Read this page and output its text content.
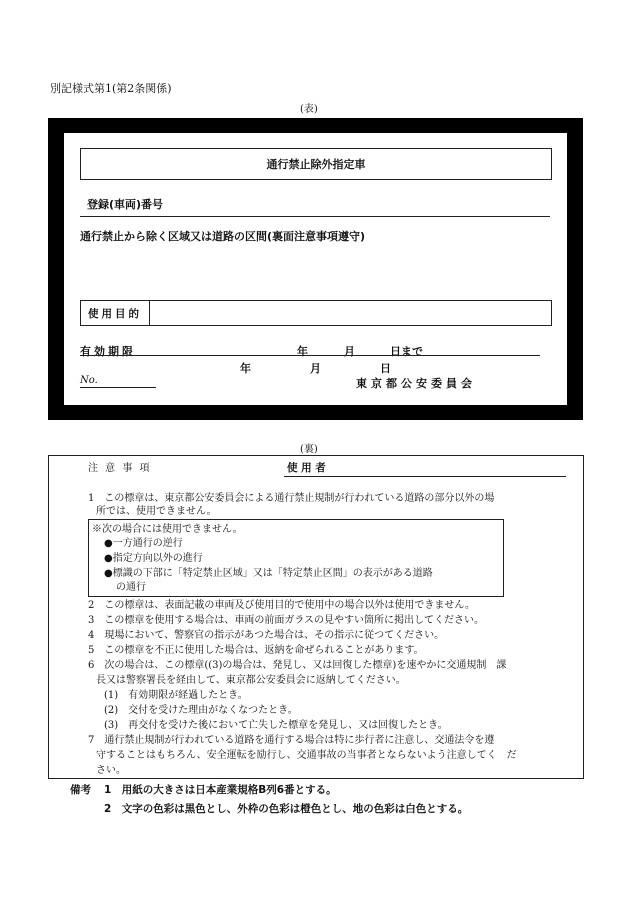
別記様式第1(第2条関係)
(表)
通行禁止除外指定車
登録(車両)番号
通行禁止から除く区域又は道路の区間(裏面注意事項遵守)
使用目的
有効期限	年	月	日まで
年	月	日
No.	東京都公安委員会
(裏)
注 意 事 項	使 用 者
1　この標章は、東京都公安委員会による通行禁止規制が行われている道路の部分以外の場
所では、使用できません。
※次の場合には使用できません。
●一方通行の逆行
●指定方向以外の進行
●標識の下部に「特定禁止区域」又は「特定禁止区間」の表示がある道路
の通行
2　この標章は、表面記載の車両及び使用目的で使用中の場合以外は使用できません。
3　この標章を使用する場合は、車両の前面ガラスの見やすい箇所に掲出してください。
4　現場において、警察官の指示があつた場合は、その指示に従つてください。
5　この標章を不正に使用した場合は、返納を命ぜられることがあります。
6　次の場合は、この標章((3)の場合は、発見し、又は回復した標章)を速やかに交通規制　課
長又は警察署長を経由して、東京都公安委員会に返納してください。
(1)　有効期限が経過したとき。
(2)　交付を受けた理由がなくなつたとき。
(3)　再交付を受けた後において亡失した標章を発見し、又は回復したとき。
7　通行禁止規制が行われている道路を通行する場合は特に歩行者に注意し、交通法令を遵
守することはもちろん、安全運転を励行し、交通事故の当事者とならないよう注意してく　だ
さい。
備考 1　用紙の大きさは日本産業規格B列6番とする。
2　文字の色彩は黒色とし、外枠の色彩は橙色とし、地の色彩は白色とする。
